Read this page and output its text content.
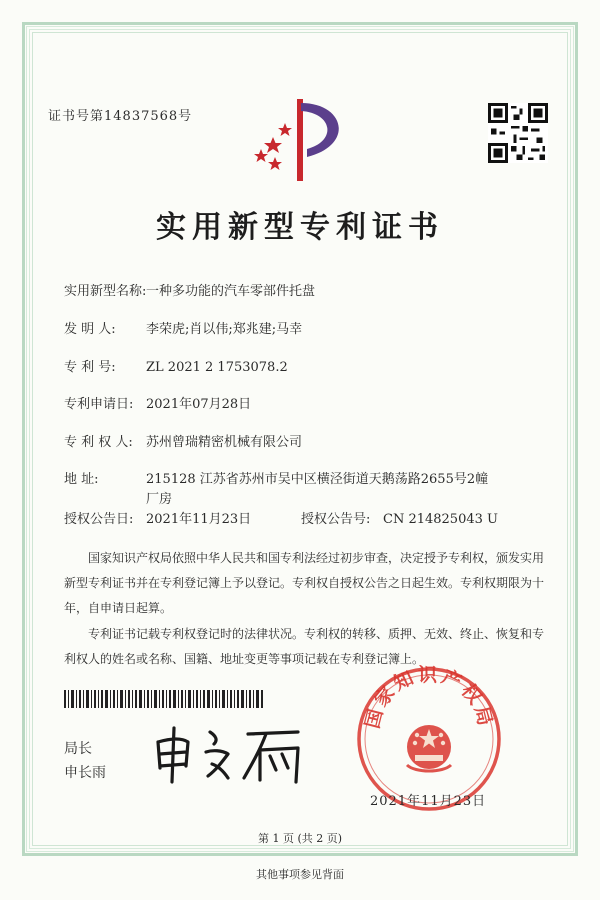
证书号第14837568号
实用新型专利证书
实用新型名称:一种多功能的汽车零部件托盘
发 明 人: 李荣虎;肖以伟;郑兆建;马幸
专 利 号: ZL 2021 2 1753078.2
专利申请日: 2021年07月28日
专 利 权 人: 苏州曾瑞精密机械有限公司
地 址:	215128 江苏省苏州市吴中区横泾街道天鹅荡路2655号2幢
厂房
授权公告日: 2021年11月23日	授权公告号: CN 214825043 U
国家知识产权局依照中华人民共和国专利法经过初步审查，决定授予专利权，颁发实用新型专利证书并在专利登记簿上予以登记。专利权自授权公告之日起生效。专利权期限为十年，自申请日起算。
专利证书记载专利权登记时的法律状况。专利权的转移、质押、无效、终止、恢复和专利权人的姓名或名称、国籍、地址变更等事项记载在专利登记簿上。
局长
申长雨
国家知识产权局
2021年11月23日
第 1 页 (共 2 页)
其他事项参见背面
